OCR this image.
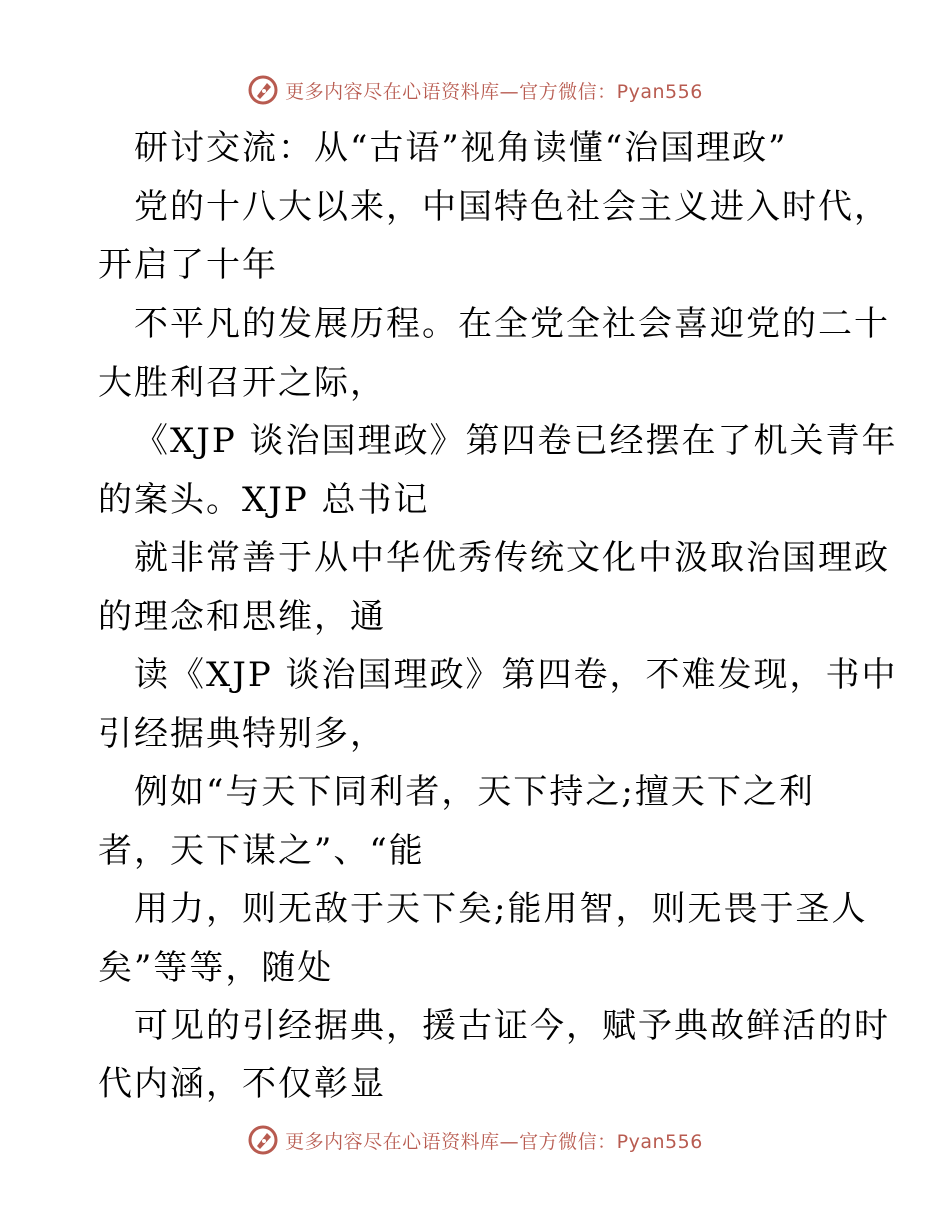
更多内容尽在心语资料库—官方微信：Pyan556
研讨交流：从“古语”视角读懂“治国理政”
党的十八大以来，中国特色社会主义进入时代，
开启了十年
不平凡的发展历程。在全党全社会喜迎党的二十
大胜利召开之际，
《XJP 谈治国理政》第四卷已经摆在了机关青年
的案头。XJP 总书记
就非常善于从中华优秀传统文化中汲取治国理政
的理念和思维，通
读《XJP 谈治国理政》第四卷，不难发现，书中
引经据典特别多，
例如“与天下同利者，天下持之;擅天下之利
者，天下谋之”、“能
用力，则无敌于天下矣;能用智，则无畏于圣人
矣”等等，随处
可见的引经据典，援古证今，赋予典故鲜活的时
代内涵，不仅彰显
更多内容尽在心语资料库—官方微信：Pyan556
